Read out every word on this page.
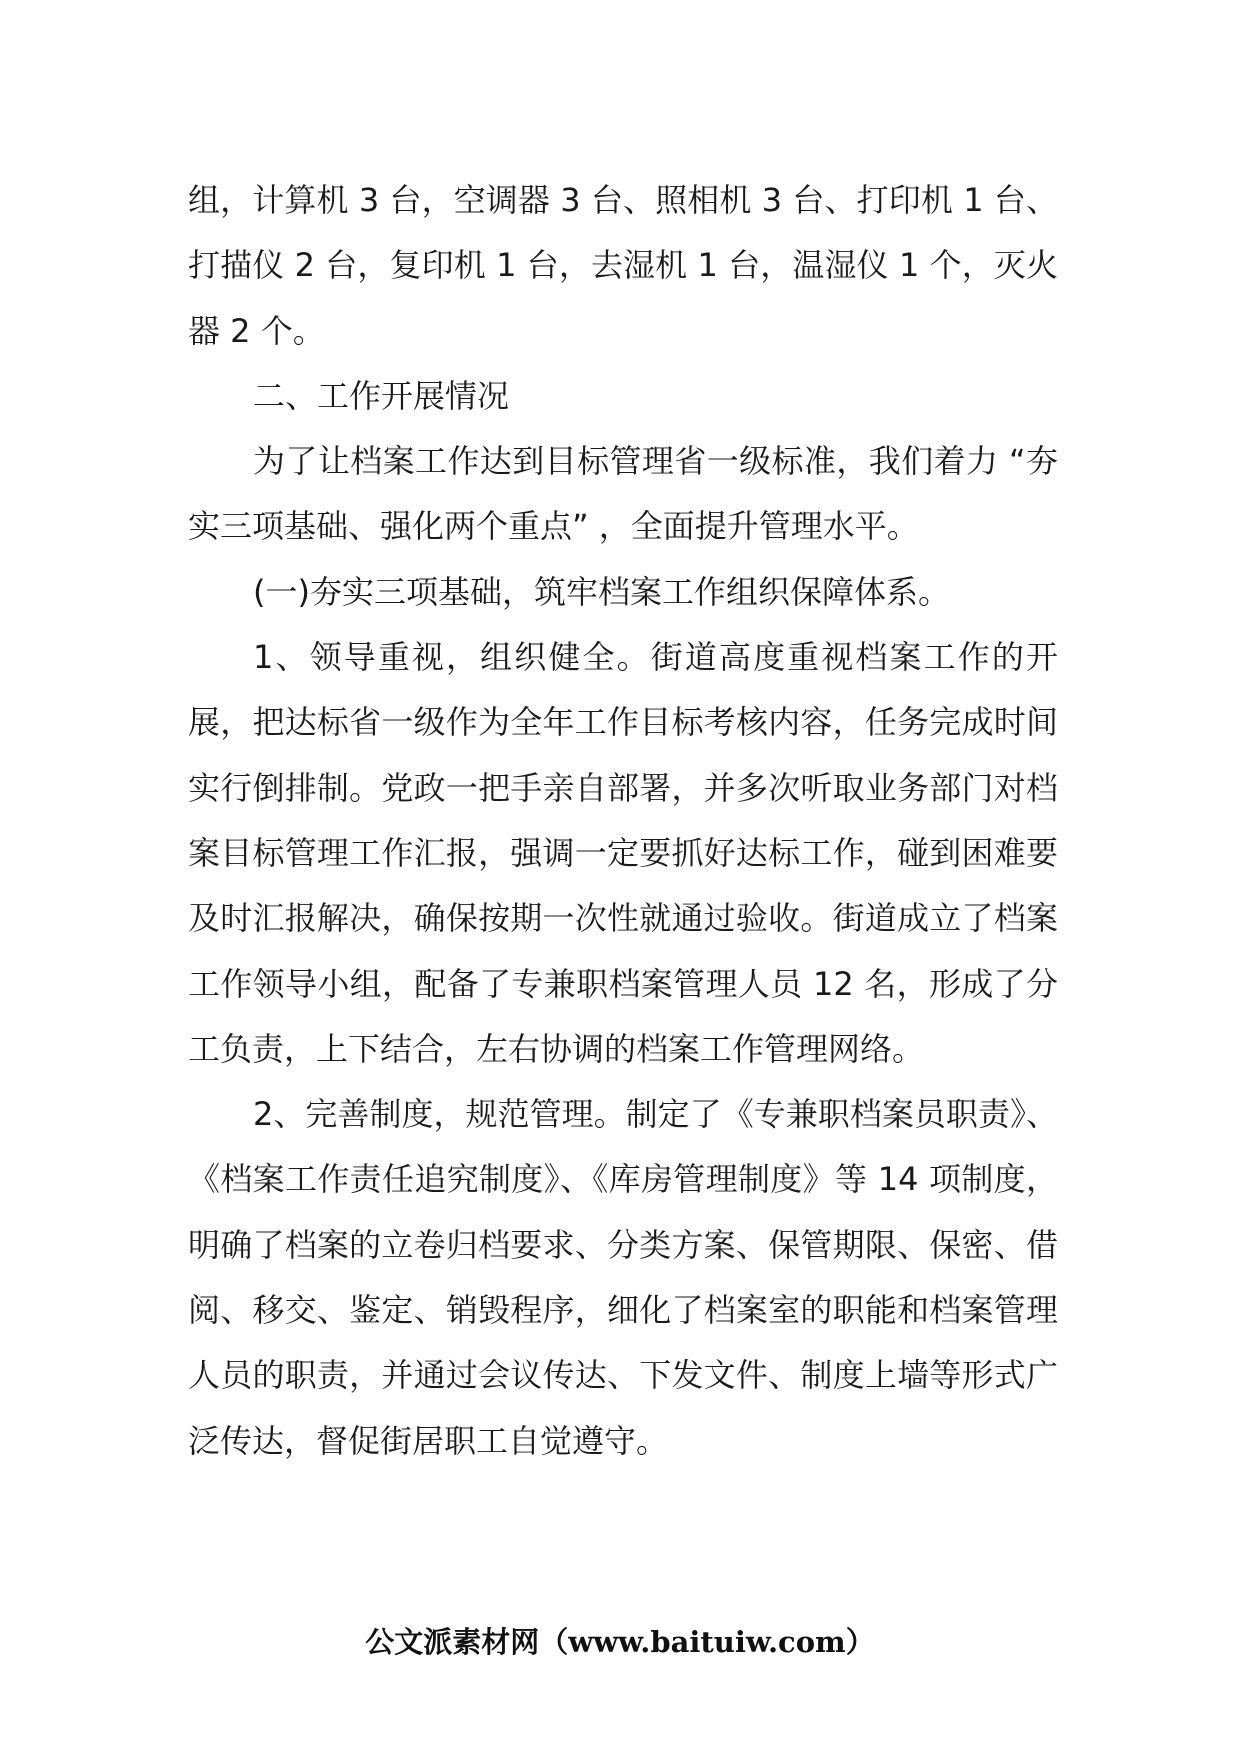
组，计算机 3 台，空调器 3 台、照相机 3 台、打印机 1 台、打描仪 2 台，复印机 1 台，去湿机 1 台，温湿仪 1 个，灭火器 2 个。

二、工作开展情况

为了让档案工作达到目标管理省一级标准，我们着力 “夯实三项基础、强化两个重点” ，全面提升管理水平。

(一)夯实三项基础，筑牢档案工作组织保障体系。

1、领导重视，组织健全。街道高度重视档案工作的开展，把达标省一级作为全年工作目标考核内容，任务完成时间实行倒排制。党政一把手亲自部署，并多次听取业务部门对档案目标管理工作汇报，强调一定要抓好达标工作，碰到困难要及时汇报解决，确保按期一次性就通过验收。街道成立了档案工作领导小组，配备了专兼职档案管理人员 12 名，形成了分工负责，上下结合，左右协调的档案工作管理网络。

2、完善制度，规范管理。制定了《专兼职档案员职责》、《档案工作责任追究制度》、《库房管理制度》等 14 项制度，明确了档案的立卷归档要求、分类方案、保管期限、保密、借阅、移交、鉴定、销毁程序，细化了档案室的职能和档案管理人员的职责，并通过会议传达、下发文件、制度上墙等形式广泛传达，督促街居职工自觉遵守。

公文派素材网（www.baituiw.com）
